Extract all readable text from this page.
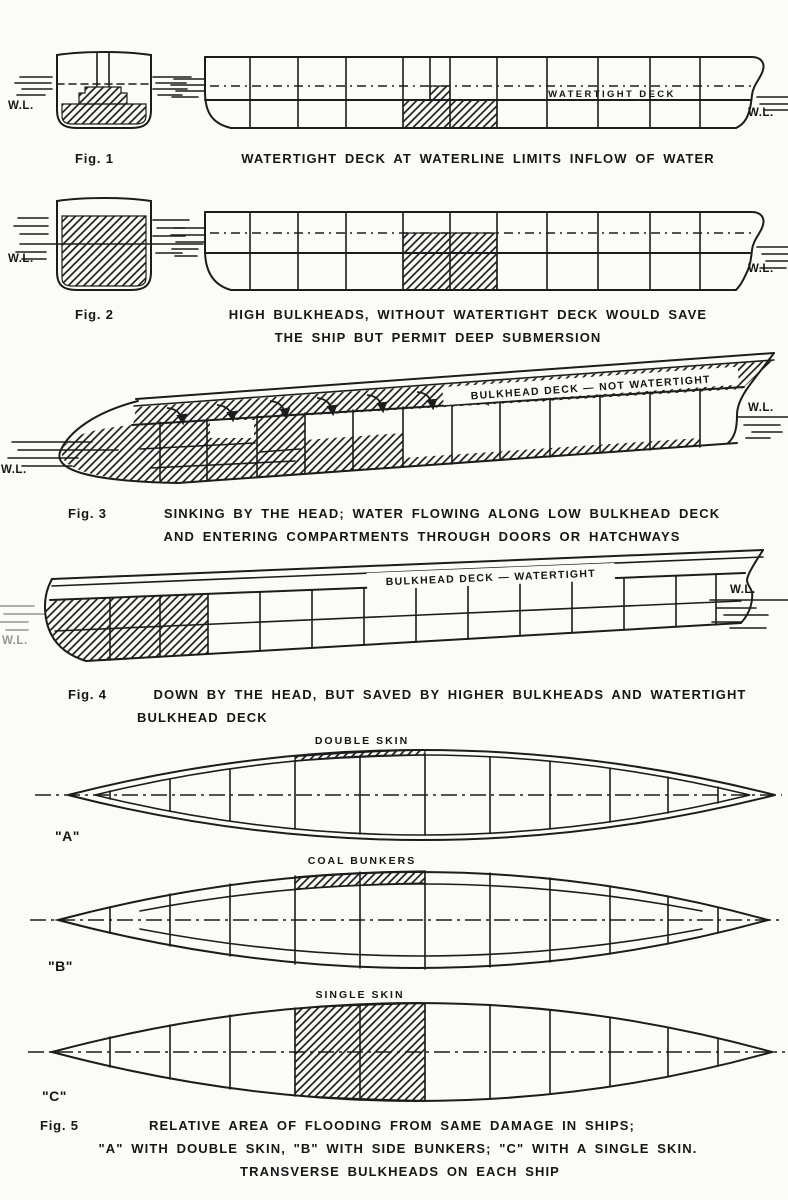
WATERTIGHT DECK
W.L.
W.L.
Fig. 1	WATERTIGHT DECK AT WATERLINE LIMITS INFLOW OF WATER
W.L.
W.L.
Fig. 2	HIGH BULKHEADS, WITHOUT WATERTIGHT DECK WOULD SAVE
THE SHIP BUT PERMIT DEEP SUBMERSION
BULKHEAD DECK — NOT WATERTIGHT
W.L.
W.L.
Fig. 3	SINKING BY THE HEAD; WATER FLOWING ALONG LOW BULKHEAD DECK
AND ENTERING COMPARTMENTS THROUGH DOORS OR HATCHWAYS
BULKHEAD DECK — WATERTIGHT
W.L.
W.L.
Fig. 4	DOWN BY THE HEAD, BUT SAVED BY HIGHER BULKHEADS AND WATERTIGHT
BULKHEAD DECK
DOUBLE SKIN
"A"
COAL BUNKERS
"B"
SINGLE SKIN
"C"
Fig. 5	RELATIVE AREA OF FLOODING FROM SAME DAMAGE IN SHIPS;
"A" WITH DOUBLE SKIN, "B" WITH SIDE BUNKERS; "C" WITH A SINGLE SKIN.
TRANSVERSE BULKHEADS ON EACH SHIP
